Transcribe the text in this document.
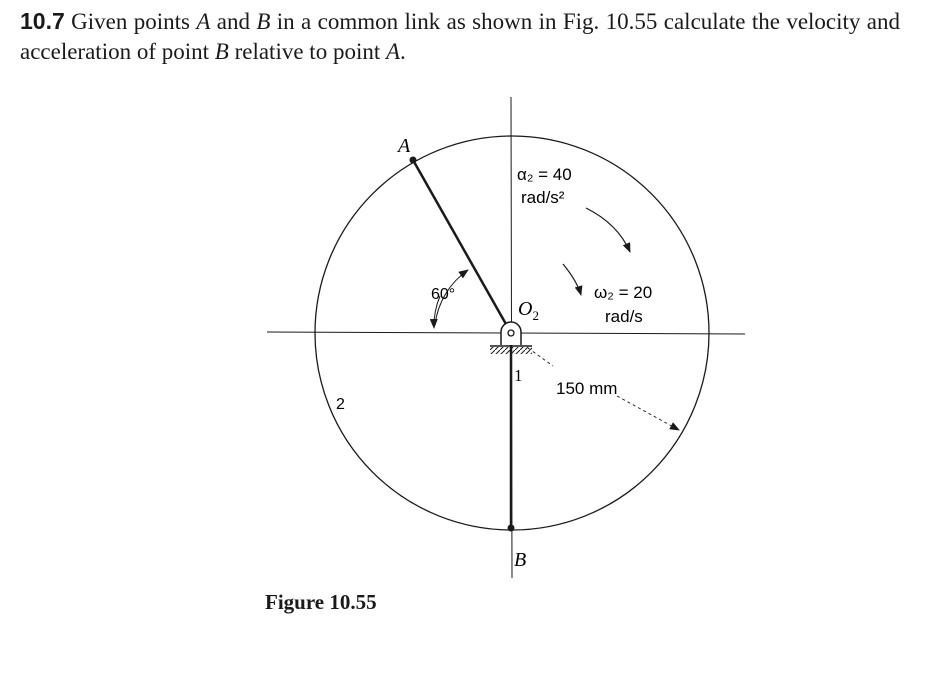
10.7 Given points A and B in a common link as shown in Fig. 10.55 calculate the velocity and acceleration of point B relative to point A.
A
B
$O_2$
α₂ = 40
rad/s²
ω₂ = 20
rad/s
60°
150 mm
1
2
Figure 10.55
